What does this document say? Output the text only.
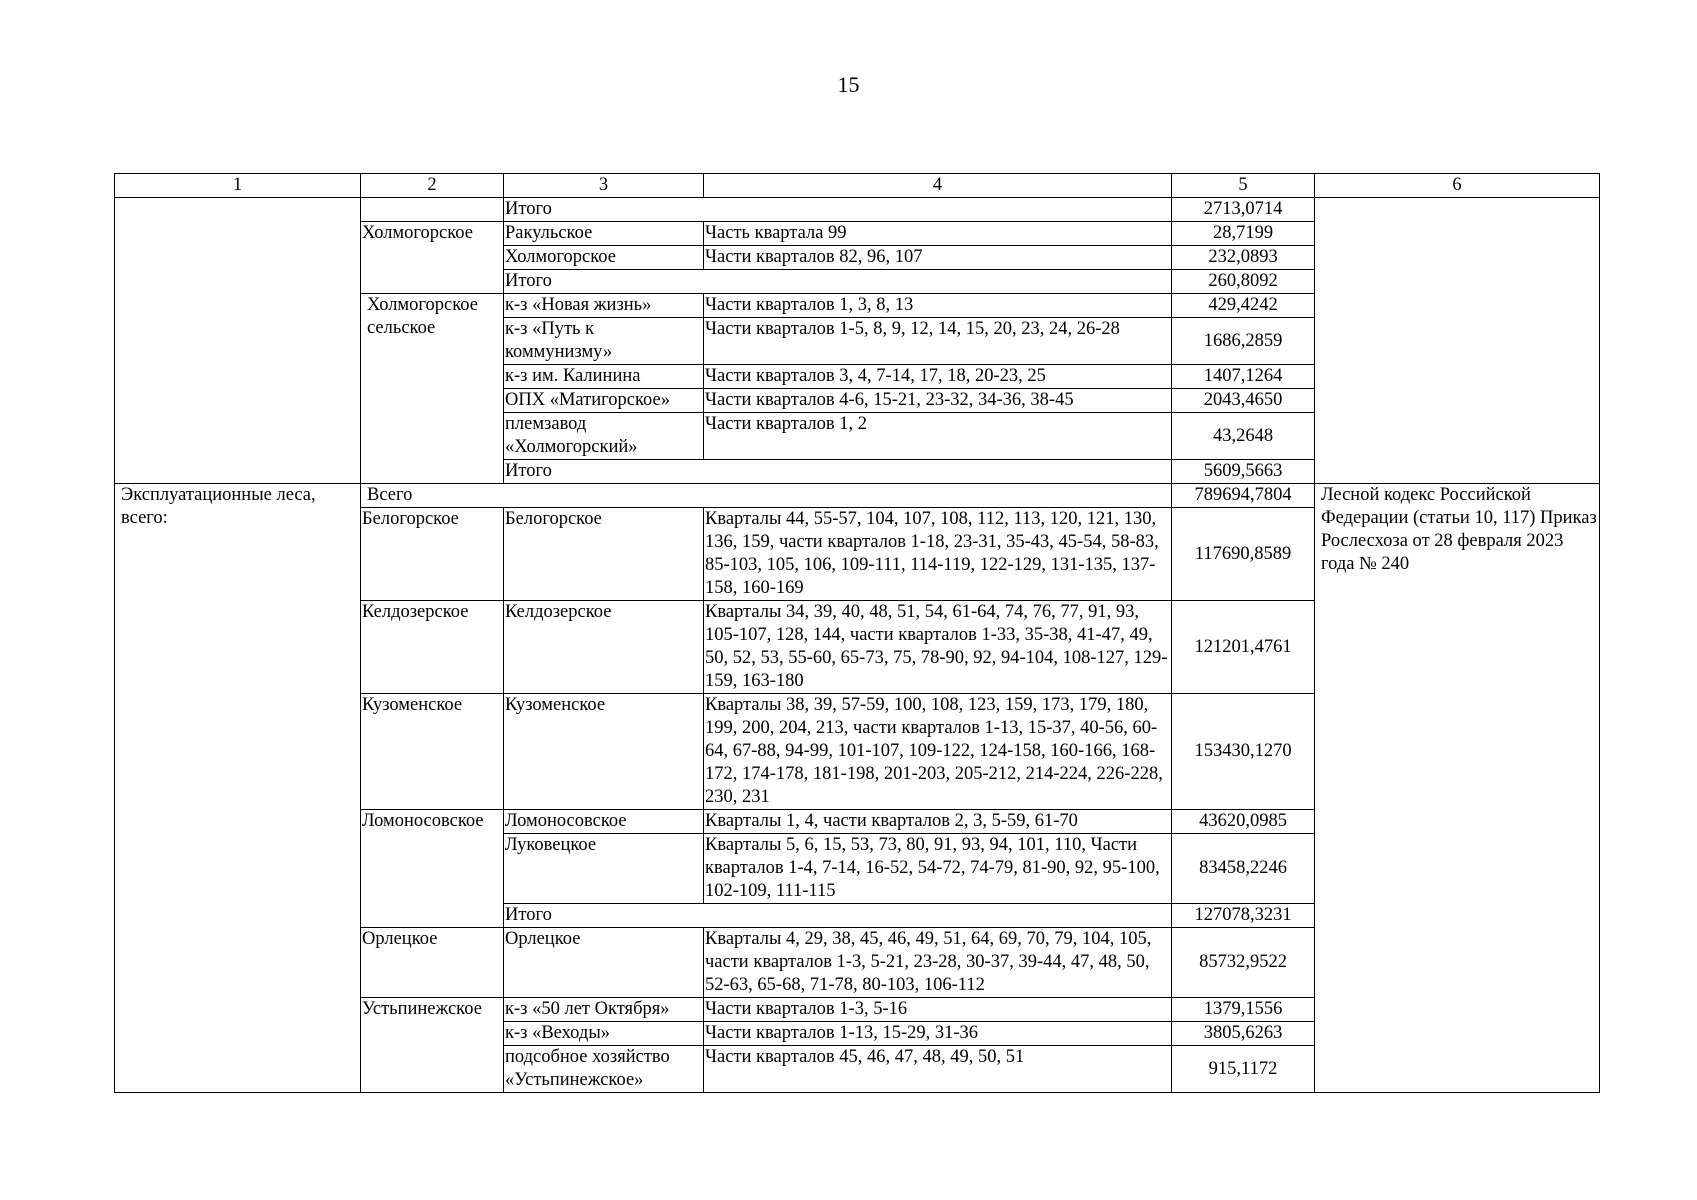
15
1	2	3	4	5	6
		Итого		2713,0714	
	Холмогорское	Ракульское	Часть квартала 99	28,7199	
		Холмогорское	Части кварталов 82, 96, 107	232,0893	
		Итого		260,8092	
	Холмогорское сельское	к-з «Новая жизнь»	Части кварталов 1, 3, 8, 13	429,4242	
		к-з «Путь к коммунизму»	Части кварталов 1-5, 8, 9, 12, 14, 15, 20, 23, 24, 26-28	1686,2859	
		к-з им. Калинина	Части кварталов 3, 4, 7-14, 17, 18, 20-23, 25	1407,1264	
		ОПХ «Матигорское»	Части кварталов 4-6, 15-21, 23-32, 34-36, 38-45	2043,4650	
		племзавод «Холмогорский»	Части кварталов 1, 2	43,2648	
		Итого		5609,5663	
Эксплуатационные леса, всего:	Всего			789694,7804	Лесной кодекс Российской Федерации (статьи 10, 117) Приказ Рослесхоза от 28 февраля 2023 года № 240
	Белогорское	Белогорское	Кварталы 44, 55-57, 104, 107, 108, 112, 113, 120, 121, 130, 136, 159, части кварталов 1-18, 23-31, 35-43, 45-54, 58-83, 85-103, 105, 106, 109-111, 114-119, 122-129, 131-135, 137-158, 160-169	117690,8589	
	Келдозерское	Келдозерское	Кварталы 34, 39, 40, 48, 51, 54, 61-64, 74, 76, 77, 91, 93, 105-107, 128, 144, части кварталов 1-33, 35-38, 41-47, 49, 50, 52, 53, 55-60, 65-73, 75, 78-90, 92, 94-104, 108-127, 129-159, 163-180	121201,4761	
	Кузоменское	Кузоменское	Кварталы 38, 39, 57-59, 100, 108, 123, 159, 173, 179, 180, 199, 200, 204, 213, части кварталов 1-13, 15-37, 40-56, 60-64, 67-88, 94-99, 101-107, 109-122, 124-158, 160-166, 168-172, 174-178, 181-198, 201-203, 205-212, 214-224, 226-228, 230, 231	153430,1270	
	Ломоносовское	Ломоносовское	Кварталы 1, 4, части кварталов 2, 3, 5-59, 61-70	43620,0985	
		Луковецкое	Кварталы 5, 6, 15, 53, 73, 80, 91, 93, 94, 101, 110, Части кварталов 1-4, 7-14, 16-52, 54-72, 74-79, 81-90, 92, 95-100, 102-109, 111-115	83458,2246	
		Итого		127078,3231	
	Орлецкое	Орлецкое	Кварталы 4, 29, 38, 45, 46, 49, 51, 64, 69, 70, 79, 104, 105, части кварталов 1-3, 5-21, 23-28, 30-37, 39-44, 47, 48, 50, 52-63, 65-68, 71-78, 80-103, 106-112	85732,9522	
	Устьпинежское	к-з «50 лет Октября»	Части кварталов 1-3, 5-16	1379,1556	
		к-з «Веходы»	Части кварталов 1-13, 15-29, 31-36	3805,6263	
		подсобное хозяйство «Устьпинежское»	Части кварталов 45, 46, 47, 48, 49, 50, 51	915,1172	
